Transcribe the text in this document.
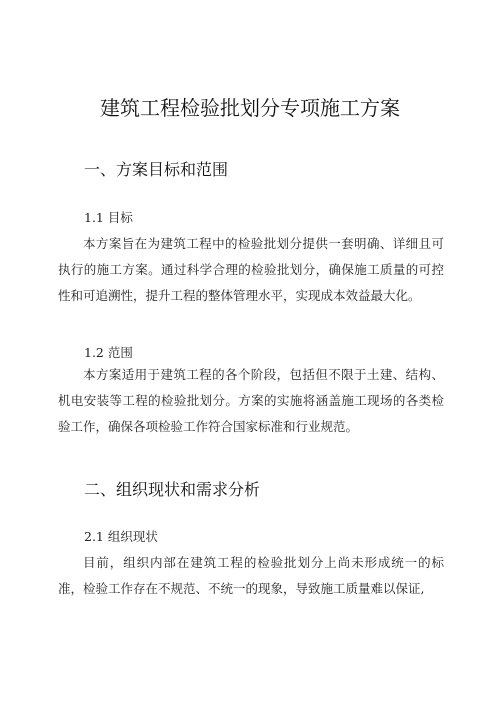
建筑工程检验批划分专项施工方案
一、方案目标和范围
1.1 目标
本方案旨在为建筑工程中的检验批划分提供一套明确、详细且可执行的施工方案。通过科学合理的检验批划分，确保施工质量的可控性和可追溯性，提升工程的整体管理水平，实现成本效益最大化。
1.2 范围
本方案适用于建筑工程的各个阶段，包括但不限于土建、结构、机电安装等工程的检验批划分。方案的实施将涵盖施工现场的各类检验工作，确保各项检验工作符合国家标准和行业规范。
二、组织现状和需求分析
2.1 组织现状
目前，组织内部在建筑工程的检验批划分上尚未形成统一的标准，检验工作存在不规范、不统一的现象，导致施工质量难以保证,
